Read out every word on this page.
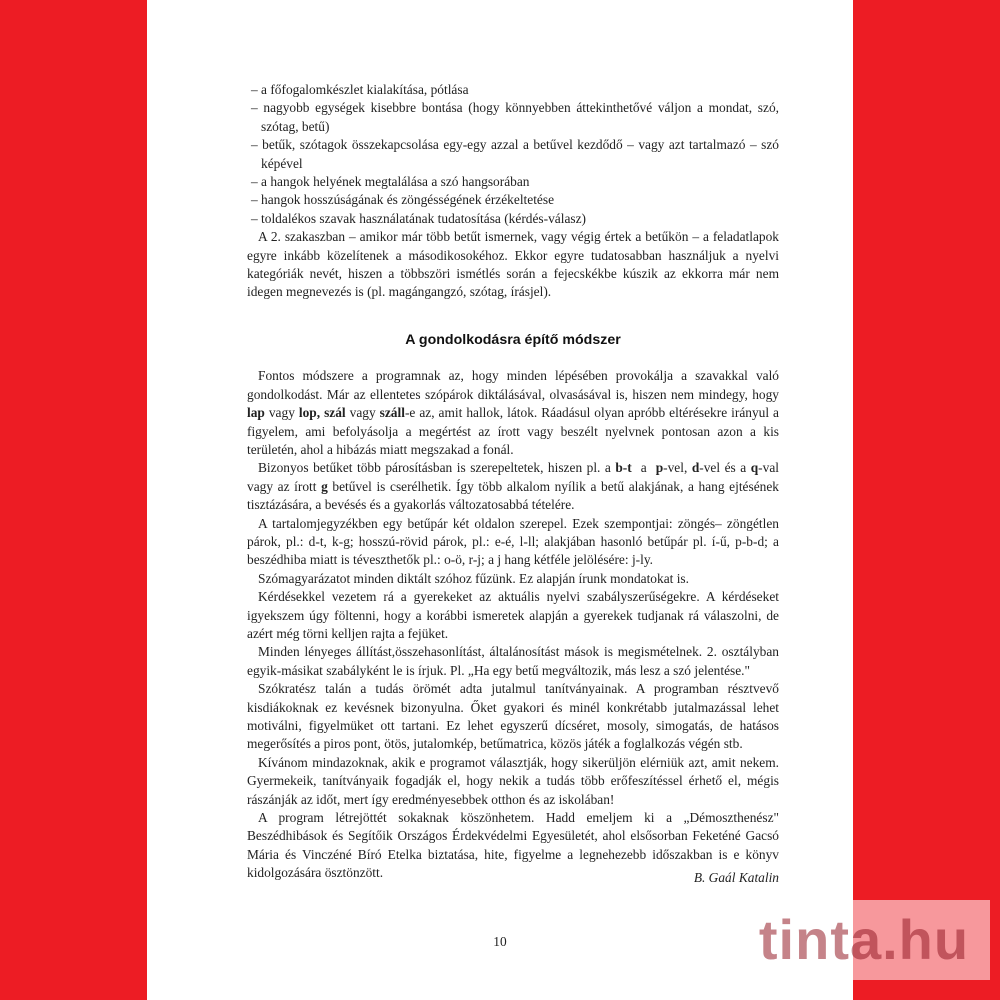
– a főfogalomkészlet kialakítása, pótlása

– nagyobb egységek kisebbre bontása (hogy könnyebben áttekinthetővé váljon a mondat, szó, szótag, betű)

– betűk, szótagok összekapcsolása egy-egy azzal a betűvel kezdődő – vagy azt tartalmazó – szó képével

– a hangok helyének megtalálása a szó hangsorában

– hangok hosszúságának és zöngésségének érzékeltetése

– toldalékos szavak használatának tudatosítása (kérdés-válasz)

A 2. szakaszban – amikor már több betűt ismernek, vagy végig értek a betűkön – a feladatlapok egyre inkább közelítenek a másodikosokéhoz. Ekkor egyre tudatosabban használjuk a nyelvi kategóriák nevét, hiszen a többszöri ismétlés során a fejecskékbe kúszik az ekkorra már nem idegen megnevezés is (pl. magángangzó, szótag, írásjel).

A gondolkodásra építő módszer

Fontos módszere a programnak az, hogy minden lépésében provokálja a szavakkal való gondolkodást. Már az ellentetes szópárok diktálásával, olvasásával is, hiszen nem mindegy, hogy lap vagy lop, szál vagy száll-e az, amit hallok, látok. Ráadásul olyan apróbb eltérésekre irányul a figyelem, ami befolyásolja a megértést az írott vagy beszélt nyelvnek pontosan azon a kis területén, ahol a hibázás miatt megszakad a fonál.

Bizonyos betűket több párosításban is szerepeltetek, hiszen pl. a b-t  a  p-vel, d-vel és a q-val vagy az írott g betűvel is cserélhetik. Így több alkalom nyílik a betű alakjának, a hang ejtésének tisztázására, a bevésés és a gyakorlás változatosabbá tételére.

A tartalomjegyzékben egy betűpár két oldalon szerepel. Ezek szempontjai: zöngés– zöngétlen párok, pl.: d-t, k-g; hosszú-rövid párok, pl.: e-é, l-ll; alakjában hasonló betűpár pl. í-ű, p-b-d; a beszédhiba miatt is téveszthetők pl.: o-ö, r-j; a j hang kétféle jelölésére: j-ly.

Szómagyarázatot minden diktált szóhoz fűzünk. Ez alapján írunk mondatokat is.

Kérdésekkel vezetem rá a gyerekeket az aktuális nyelvi szabályszerűségekre. A kérdéseket igyekszem úgy föltenni, hogy a korábbi ismeretek alapján a gyerekek tudjanak rá válaszolni, de azért még törni kelljen rajta a fejüket.

Minden lényeges állítást,összehasonlítást, általánosítást mások is megismételnek. 2. osztályban egyik-másikat szabályként le is írjuk. Pl. „Ha egy betű megváltozik, más lesz a szó jelentése."

Szókratész talán a tudás örömét adta jutalmul tanítványainak. A programban résztvevő kisdiákoknak ez kevésnek bizonyulna. Őket gyakori és minél konkrétabb jutalmazással lehet motiválni, figyelmüket ott tartani. Ez lehet egyszerű dícséret, mosoly, simogatás, de hatásos megerősítés a piros pont, ötös, jutalomkép, betűmatrica, közös játék a foglalkozás végén stb.

Kívánom mindazoknak, akik e programot választják, hogy sikerüljön elérniük azt, amit nekem. Gyermekeik, tanítványaik fogadják el, hogy nekik a tudás több erőfeszítéssel érhető el, mégis rászánják az időt, mert így eredményesebbek otthon és az iskolában!

A program létrejöttét sokaknak köszönhetem. Hadd emeljem ki a „Démoszthenész" Beszédhibások és Segítőik Országos Érdekvédelmi Egyesületét, ahol elsősorban Feketéné Gacsó Mária és Vinczéné Bíró Etelka biztatása, hite, figyelme a legnehezebb időszakban is e könyv kidolgozására ösztönzött.	B. Gaál Katalin
10	tinta.hu
